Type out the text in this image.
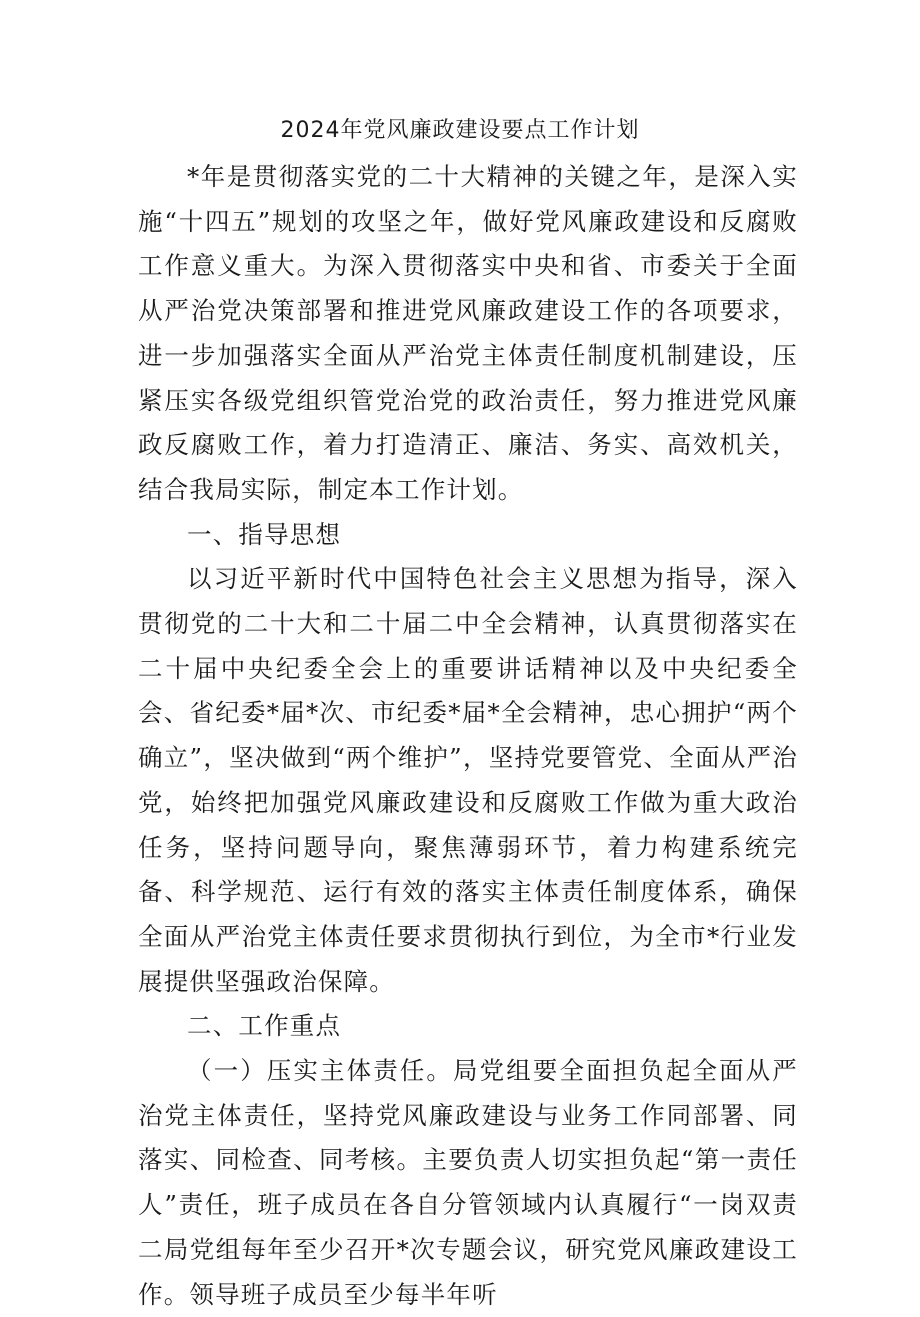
2024年党风廉政建设要点工作计划

*年是贯彻落实党的二十大精神的关键之年，是深入实施“十四五”规划的攻坚之年，做好党风廉政建设和反腐败工作意义重大。为深入贯彻落实中央和省、市委关于全面从严治党决策部署和推进党风廉政建设工作的各项要求，进一步加强落实全面从严治党主体责任制度机制建设，压紧压实各级党组织管党治党的政治责任，努力推进党风廉政反腐败工作，着力打造清正、廉洁、务实、高效机关，结合我局实际，制定本工作计划。

一、指导思想

以习近平新时代中国特色社会主义思想为指导，深入贯彻党的二十大和二十届二中全会精神，认真贯彻落实在二十届中央纪委全会上的重要讲话精神以及中央纪委全会、省纪委*届*次、市纪委*届*全会精神，忠心拥护“两个确立”，坚决做到“两个维护”，坚持党要管党、全面从严治党，始终把加强党风廉政建设和反腐败工作做为重大政治任务，坚持问题导向，聚焦薄弱环节，着力构建系统完备、科学规范、运行有效的落实主体责任制度体系，确保全面从严治党主体责任要求贯彻执行到位，为全市*行业发展提供坚强政治保障。

二、工作重点

（一）压实主体责任。局党组要全面担负起全面从严治党主体责任，坚持党风廉政建设与业务工作同部署、同落实、同检查、同考核。主要负责人切实担负起“第一责任人”责任，班子成员在各自分管领域内认真履行“一岗双责二局党组每年至少召开*次专题会议，研究党风廉政建设工作。领导班子成员至少每半年听
